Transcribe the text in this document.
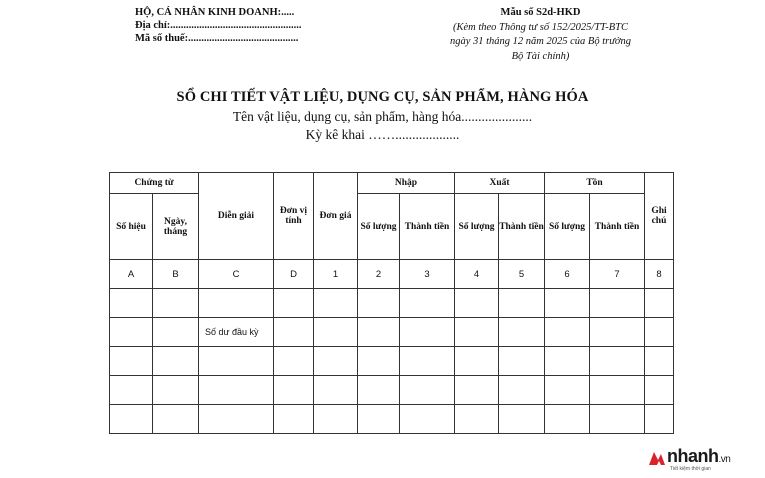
HỘ, CÁ NHÂN KINH DOANH:.....
Địa chỉ:..................................................
Mã số thuế:..........................................
Mẫu số S2d-HKD
(Kèm theo Thông tư số 152/2025/TT-BTC
ngày 31 tháng 12 năm 2025 của Bộ trưởng
Bộ Tài chính)
SỔ CHI TIẾT VẬT LIỆU, DỤNG CỤ, SẢN PHẨM, HÀNG HÓA
Tên vật liệu, dụng cụ, sản phẩm, hàng hóa.....................
Kỳ kê khai ……...................
Chứng từ		Diễn giải	Đơn vị tính	Đơn giá	Nhập		Xuất		Tồn		Ghi chú
Số hiệu	Ngày, tháng				Số lượng	Thành tiền	Số lượng	Thành tiền	Số lượng	Thành tiền	
A	B	C	D	1	2	3	4	5	6	7	8

		Số dư đầu kỳ									

nhanh.vn
Tiết kiệm thời gian
